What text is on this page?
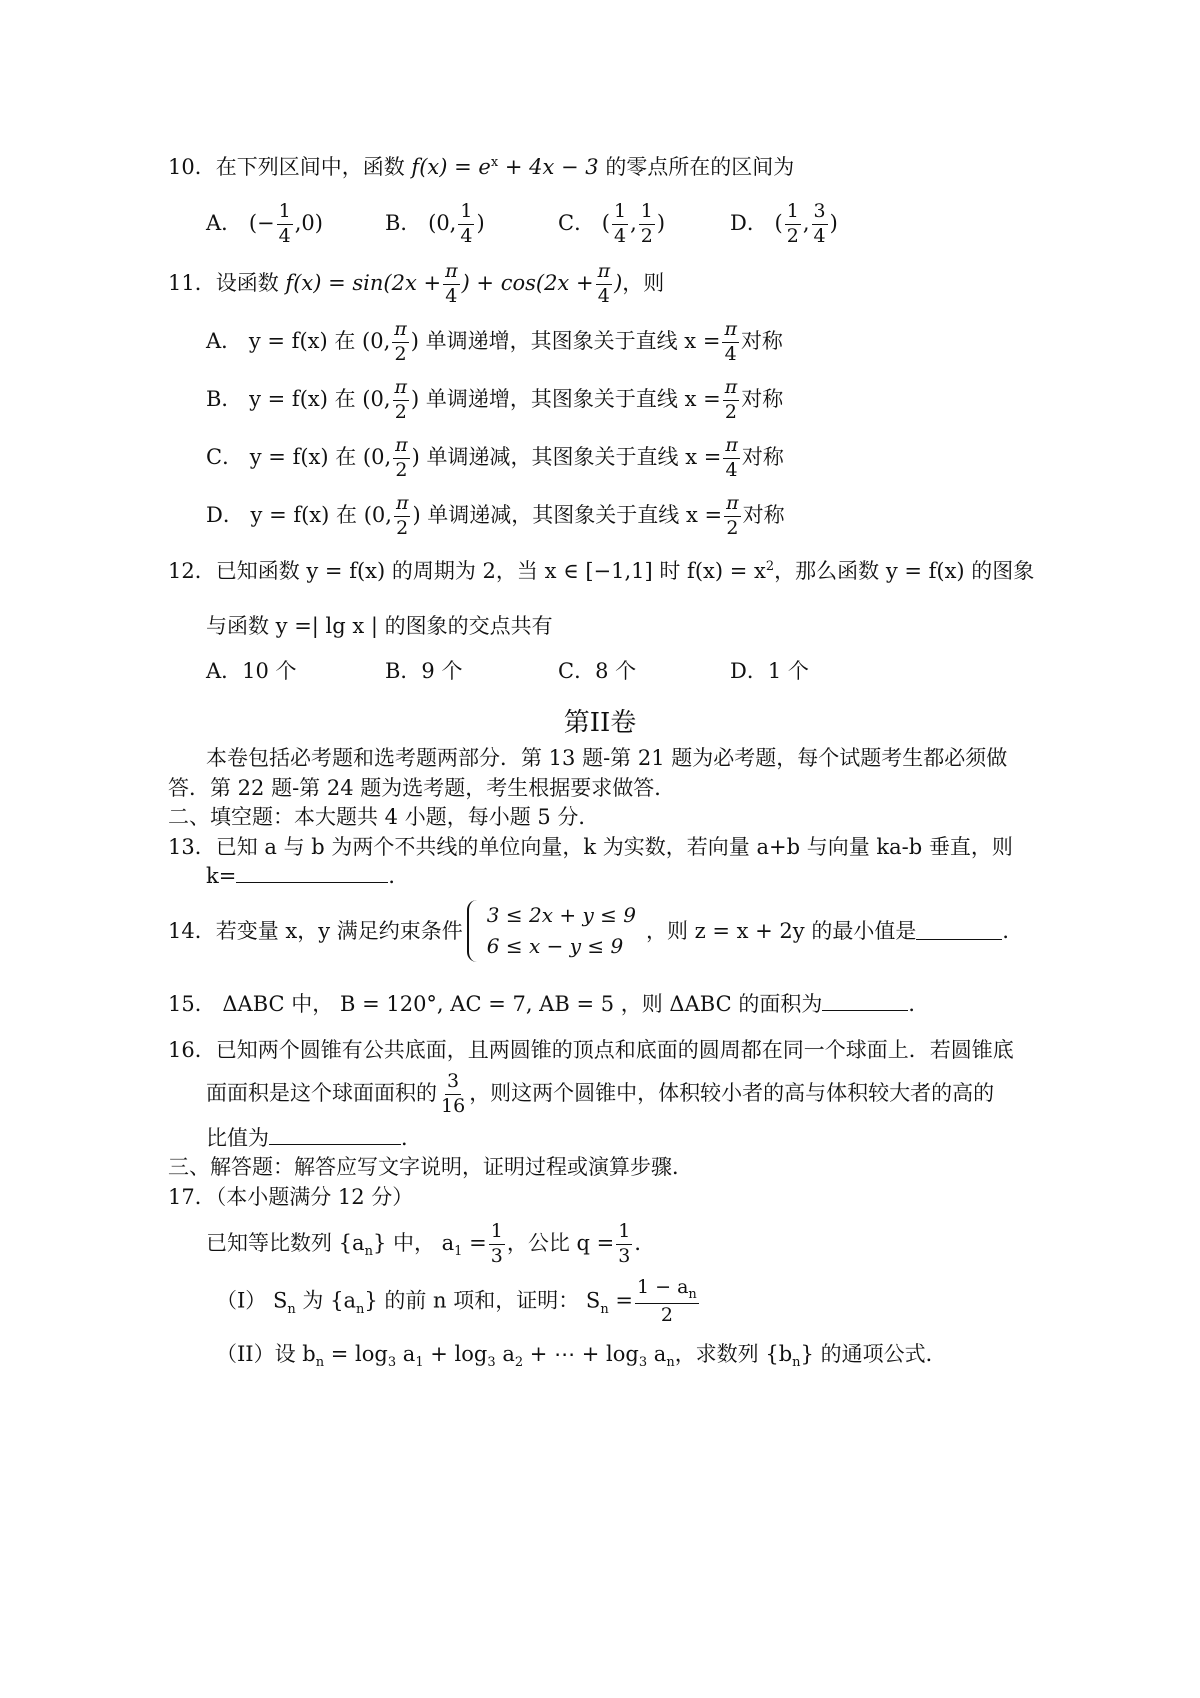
10．在下列区间中，函数 $f(x) = e^x + 4x - 3$ 的零点所在的区间为
A． (− $\frac{1}{4} ,0$)	B． (0, $\frac{1}{4}$ )	C． ( $\frac{1}{4}$ , $\frac{1}{2}$ )	D． ( $\frac{1}{2}$ , $\frac{3}{4}$ )
11．设函数 $f(x) = \sin(2x + \frac{\pi}{4}$ ) + $\cos(2x + \frac{\pi}{4}$ )，则
A． y = f(x) 在 (0, $\frac{\pi}{2}$ ) 单调递增，其图象关于直线 $x = \frac{\pi}{4}$ 对称
B． y = f(x) 在 (0, $\frac{\pi}{2}$ ) 单调递增，其图象关于直线 $x = \frac{\pi}{2}$ 对称
C． y = f(x) 在 (0, $\frac{\pi}{2}$ ) 单调递减，其图象关于直线 $x = \frac{\pi}{4}$ 对称
D． y = f(x) 在 (0, $\frac{\pi}{2}$ ) 单调递减，其图象关于直线 $x = \frac{\pi}{2}$ 对称
12．已知函数 y = f(x) 的周期为 2，当 x ∈ [−1,1] 时 $f(x) = x^2$，那么函数 y = f(x) 的图象
与函数 y =| lg x | 的图象的交点共有
A．10 个	B．9 个	C．8 个	D．1 个
第II卷
本卷包括必考题和选考题两部分．第 13 题-第 21 题为必考题，每个试题考生都必须做
答．第 22 题-第 24 题为选考题，考生根据要求做答．
二、填空题：本大题共 4 小题，每小题 5 分．
13．已知 a 与 b 为两个不共线的单位向量，k 为实数，若向量 a+b 与向量 ka-b 垂直，则
k=	．
14．若变量 x，y 满足约束条件
3 ≤ 2x + y ≤ 9
6 ≤ x − y ≤ 9
，则 z = x + 2y 的最小值是	．
15． ΔABC 中， B = 120°, AC = 7, AB = 5 ，则 ΔABC 的面积为	．
16．已知两个圆锥有公共底面，且两圆锥的顶点和底面的圆周都在同一个球面上．若圆锥底
面面积是这个球面面积的 $\frac{3}{16}$ ，则这两个圆锥中，体积较小者的高与体积较大者的高的
比值为	．
三、解答题：解答应写文字说明，证明过程或演算步骤．
17．（本小题满分 12 分）
已知等比数列 $\{a_n\}$ 中， $a_1 = \frac{1}{3}$ ，公比 $q = \frac{1}{3}$ ．
（I） $S_n$ 为 $\{a_n\}$ 的前 n 项和，证明： $S_n = \frac{1 - a_n}{2}$
（II）设 $b_n = \log_3 a_1 + \log_3 a_2$ + ⋯ + $\log_3 a_n$，求数列 $\{b_n\}$ 的通项公式．
